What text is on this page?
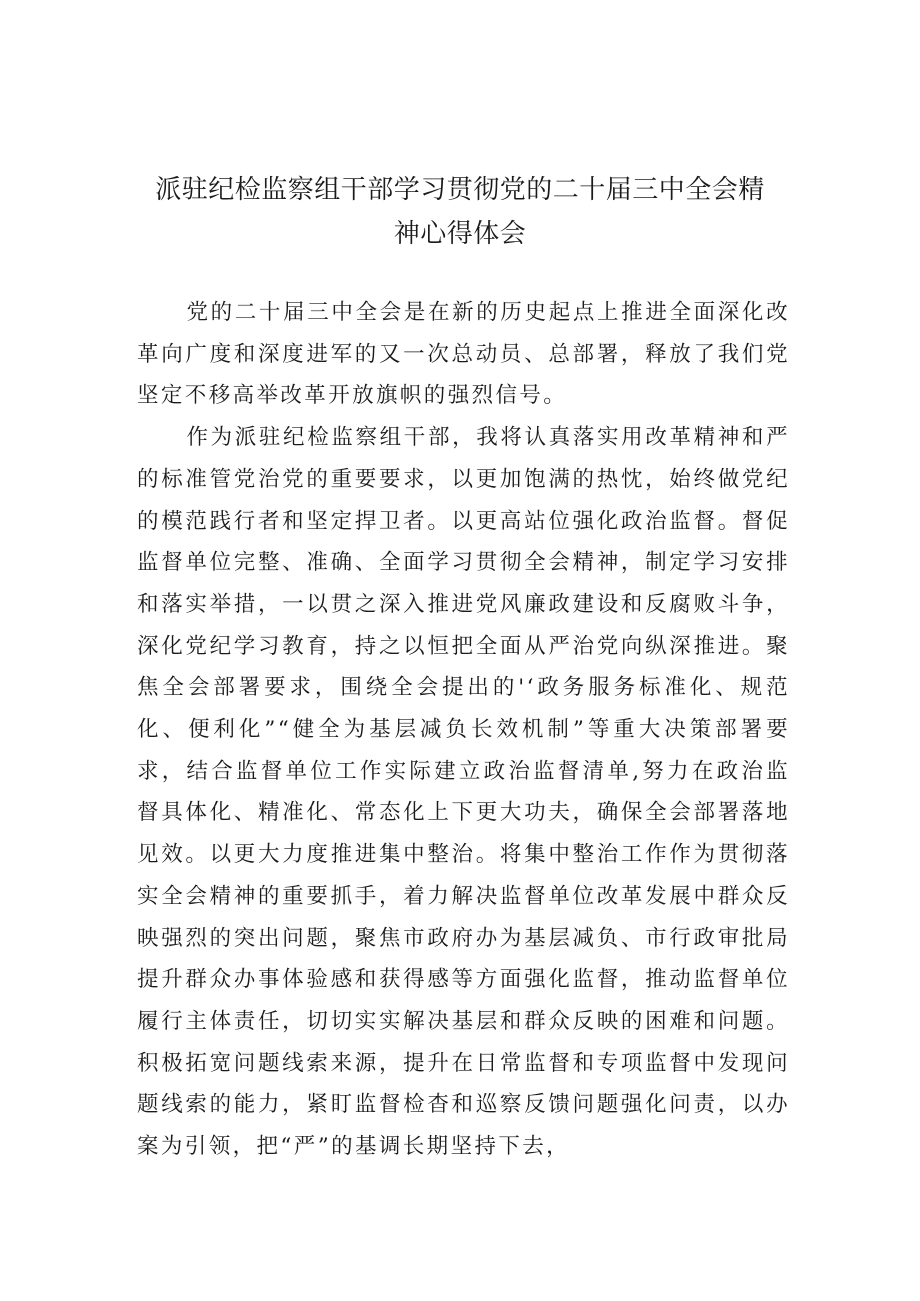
派驻纪检监察组干部学习贯彻党的二十届三中全会精
神心得体会

党的二十届三中全会是在新的历史起点上推进全面深化改革向广度和深度进军的又一次总动员、总部署，释放了我们党坚定不移高举改革开放旗帜的强烈信号。

作为派驻纪检监察组干部，我将认真落实用改革精神和严的标准管党治党的重要要求，以更加饱满的热忱，始终做党纪的模范践行者和坚定捍卫者。以更高站位强化政治监督。督促监督单位完整、准确、全面学习贯彻全会精神，制定学习安排和落实举措，一以贯之深入推进党风廉政建设和反腐败斗争，深化党纪学习教育，持之以恒把全面从严治党向纵深推进。聚焦全会部署要求，围绕全会提出的'‘政务服务标准化、规范化、便利化”“健全为基层减负长效机制”等重大决策部署要求，结合监督单位工作实际建立政治监督清单,努力在政治监督具体化、精准化、常态化上下更大功夫，确保全会部署落地见效。以更大力度推进集中整治。将集中整治工作作为贯彻落实全会精神的重要抓手，着力解决监督单位改革发展中群众反映强烈的突出问题，聚焦市政府办为基层减负、市行政审批局提升群众办事体验感和获得感等方面强化监督，推动监督单位履行主体责任，切切实实解决基层和群众反映的困难和问题。积极拓宽问题线索来源，提升在日常监督和专项监督中发现问题线索的能力，紧盯监督检杳和巡察反馈问题强化问责，以办案为引领，把“严”的基调长期坚持下去，
